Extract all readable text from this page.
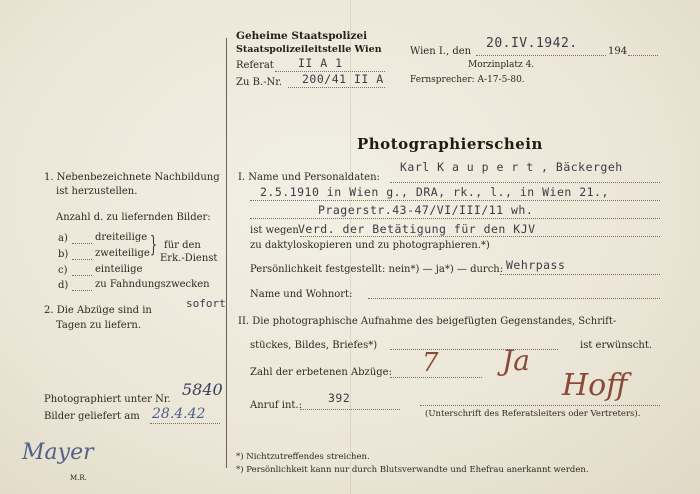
Geheime Staatspolizei
Staatspolizeileitstelle Wien
Referat II A 1
Zu B.-Nr. 200/41 II A
Wien I., den
20.IV.1942.
194
Morzinplatz 4.
Fernsprecher: A-17-5-80.
Photographierschein
1. Nebenbezeichnete Nachbildung
ist herzustellen.
Anzahl d. zu liefernden Bilder:
a)	dreiteilige
b)	zweiteilige
c)	einteilige
d)	zu Fahndungszwecken
} für den
Erk.-Dienst
2. Die Abzüge sind in
Tagen zu liefern.
sofort
Photographiert unter Nr.
5840
Bilder geliefert am 28.4.42
Mayer
M.R.
I. Name und Personaldaten:
Karl K a u p e r t , Bäckergeh
2.5.1910 in Wien g., DRA, rk., l., in Wien 21.,
Pragerstr.43-47/VI/III/11 wh.
ist wegen Verd. der Betätigung für den KJV
zu daktyloskopieren und zu photographieren.*)
Persönlichkeit festgestellt: nein*) — ja*) — durch: Wehrpass
Name und Wohnort:
II. Die photographische Aufnahme des beigefügten Gegenstandes, Schrift-
stückes, Bildes, Briefes*)	ist erwünscht.
Zahl der erbetenen Abzüge: 7 Ja
Hoff
Anruf int.:
392
(Unterschrift des Referatsleiters oder Vertreters).
*) Nichtzutreffendes streichen.
*) Persönlichkeit kann nur durch Blutsverwandte und Ehefrau anerkannt werden.
